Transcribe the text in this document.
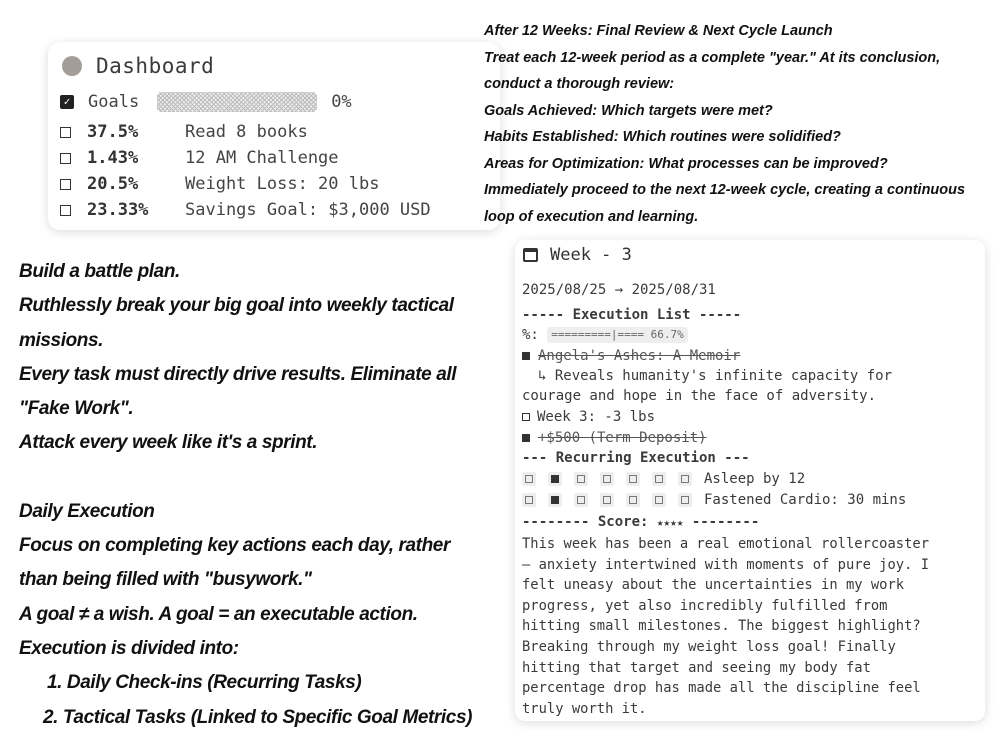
Dashboard
✓ Goals	0%
37.5%	Read 8 books
1.43%	12 AM Challenge
20.5%	Weight Loss: 20 lbs
23.33%	Savings Goal: $3,000 USD
After 12 Weeks: Final Review & Next Cycle Launch
Treat each 12-week period as a complete "year." At its conclusion,
conduct a thorough review:
Goals Achieved: Which targets were met?
Habits Established: Which routines were solidified?
Areas for Optimization: What processes can be improved?
Immediately proceed to the next 12-week cycle, creating a continuous
loop of execution and learning.
Build a battle plan.
Ruthlessly break your big goal into weekly tactical
missions.
Every task must directly drive results. Eliminate all
"Fake Work".
Attack every week like it's a sprint.
Daily Execution
Focus on completing key actions each day, rather
than being filled with "busywork."
A goal ≠ a wish. A goal = an executable action.
Execution is divided into:
1. Daily Check-ins (Recurring Tasks)
2. Tactical Tasks (Linked to Specific Goal Metrics)
Week - 3
2025/08/25 → 2025/08/31
----- Execution List -----
%: =========|==== 66.7%
Angela's Ashes: A Memoir
↳ Reveals humanity's infinite capacity for
courage and hope in the face of adversity.
Week 3: -3 lbs
+$500 (Term Deposit)
--- Recurring Execution ---
Asleep by 12
Fastened Cardio: 30 mins
-------- Score: ★★★★ --------
This week has been a real emotional rollercoaster
— anxiety intertwined with moments of pure joy. I
felt uneasy about the uncertainties in my work
progress, yet also incredibly fulfilled from
hitting small milestones. The biggest highlight?
Breaking through my weight loss goal! Finally
hitting that target and seeing my body fat
percentage drop has made all the discipline feel
truly worth it.
